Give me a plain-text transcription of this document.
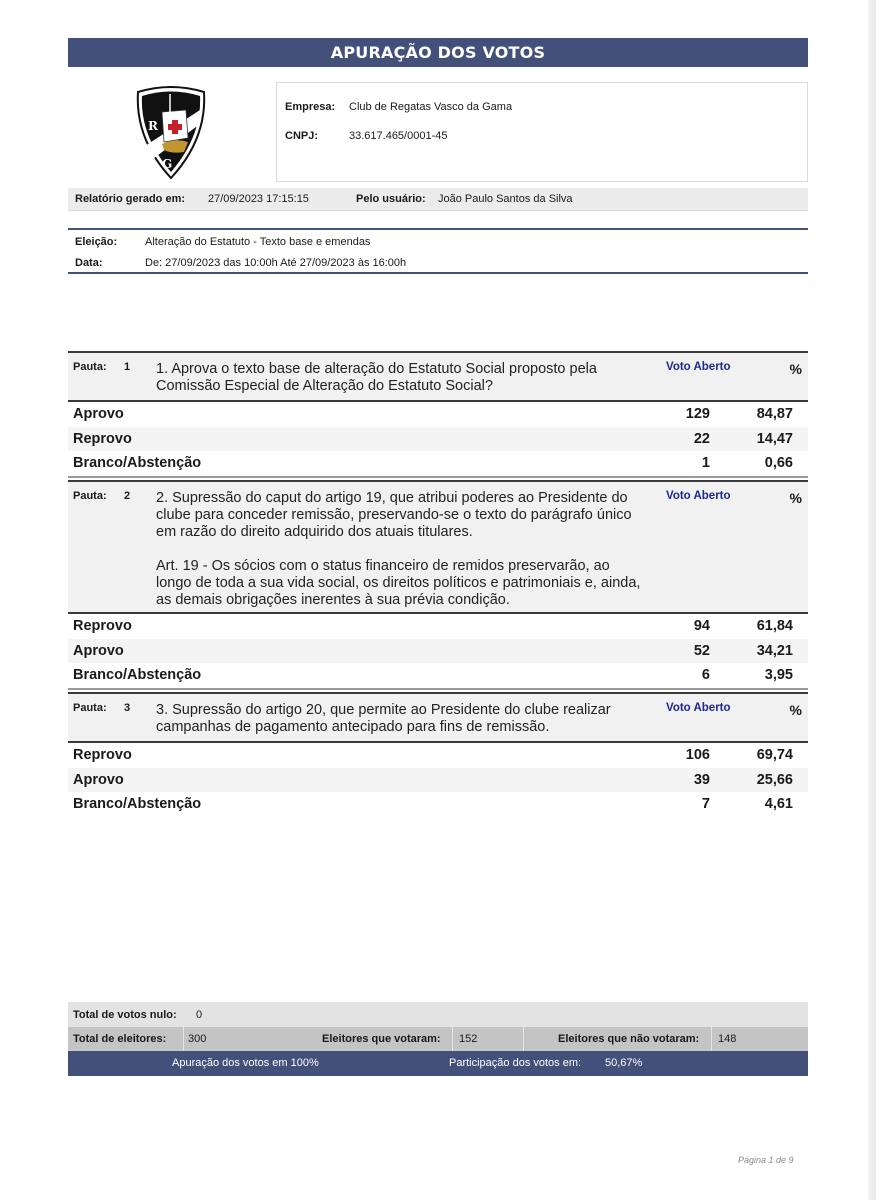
APURAÇÃO DOS VOTOS
R
G
Empresa: Club de Regatas Vasco da Gama
CNPJ:	33.617.465/0001-45
Relatório gerado em: 27/09/2023 17:15:15	Pelo usuário: João Paulo Santos da Silva
Eleição:	Alteração do Estatuto - Texto base e emendas
Data:	De: 27/09/2023 das 10:00h Até 27/09/2023 às 16:00h
Pauta: 1 1. Aprova o texto base de alteração do Estatuto Social proposto pela Comissão Especial de Alteração do Estatuto Social?

Voto Aberto	%
Aprovo	129	84,87
Reprovo	22	14,47
Branco/Abstenção	1	0,66
Pauta: 2 2. Supressão do caput do artigo 19, que atribui poderes ao Presidente do clube para conceder remissão, preservando-se o texto do parágrafo único em razão do direito adquirido dos atuais titulares.

Art. 19 - Os sócios com o status financeiro de remidos preservarão, ao longo de toda a sua vida social, os direitos políticos e patrimoniais e, ainda, as demais obrigações inerentes à sua prévia condição.

Voto Aberto	%
Reprovo	94	61,84
Aprovo	52	34,21
Branco/Abstenção	6	3,95
Pauta: 3 3. Supressão do artigo 20, que permite ao Presidente do clube realizar campanhas de pagamento antecipado para fins de remissão.

Voto Aberto	%
Reprovo	106	69,74
Aprovo	39	25,66
Branco/Abstenção	7	4,61
Total de votos nulo: 0
Total de eleitores: 300	Eleitores que votaram: 152	Eleitores que não votaram: 148
Apuração dos votos em 100%	Participação dos votos em: 50,67%
Página 1 de 9
